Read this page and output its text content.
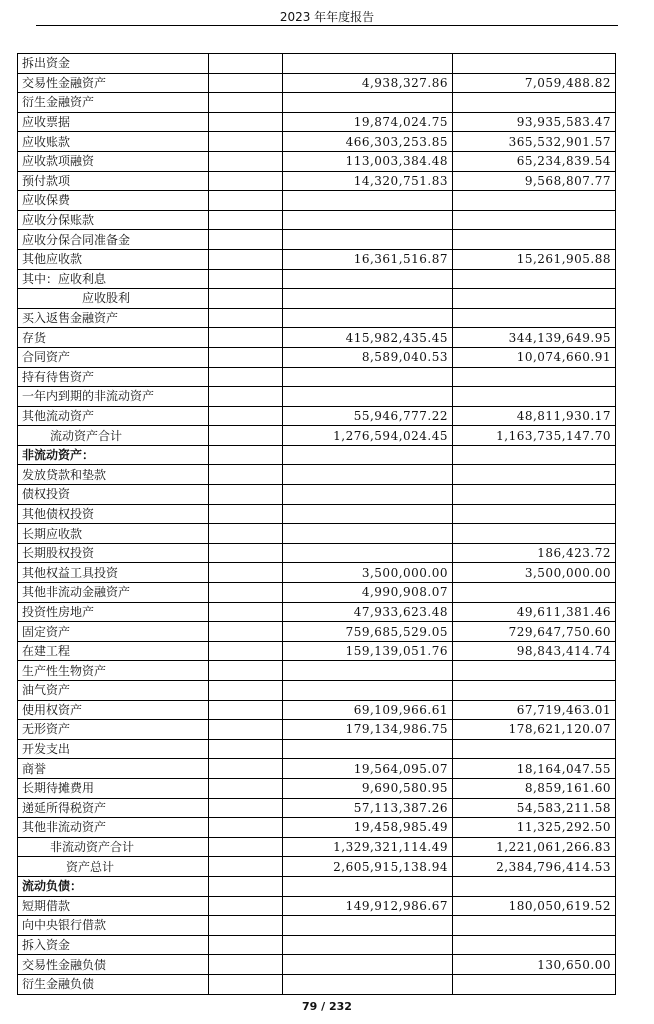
2023 年年度报告
拆出资金			
交易性金融资产		4,938,327.86	7,059,488.82
衍生金融资产			
应收票据		19,874,024.75	93,935,583.47
应收账款		466,303,253.85	365,532,901.57
应收款项融资		113,003,384.48	65,234,839.54
预付款项		14,320,751.83	9,568,807.77
应收保费			
应收分保账款			
应收分保合同准备金			
其他应收款		16,361,516.87	15,261,905.88
其中：应收利息			
应收股利			
买入返售金融资产			
存货		415,982,435.45	344,139,649.95
合同资产		8,589,040.53	10,074,660.91
持有待售资产			
一年内到期的非流动资产			
其他流动资产		55,946,777.22	48,811,930.17
流动资产合计		1,276,594,024.45	1,163,735,147.70
非流动资产：			
发放贷款和垫款			
债权投资			
其他债权投资			
长期应收款			
长期股权投资			186,423.72
其他权益工具投资		3,500,000.00	3,500,000.00
其他非流动金融资产		4,990,908.07	
投资性房地产		47,933,623.48	49,611,381.46
固定资产		759,685,529.05	729,647,750.60
在建工程		159,139,051.76	98,843,414.74
生产性生物资产			
油气资产			
使用权资产		69,109,966.61	67,719,463.01
无形资产		179,134,986.75	178,621,120.07
开发支出			
商誉		19,564,095.07	18,164,047.55
长期待摊费用		9,690,580.95	8,859,161.60
递延所得税资产		57,113,387.26	54,583,211.58
其他非流动资产		19,458,985.49	11,325,292.50
非流动资产合计		1,329,321,114.49	1,221,061,266.83
资产总计		2,605,915,138.94	2,384,796,414.53
流动负债：			
短期借款		149,912,986.67	180,050,619.52
向中央银行借款			
拆入资金			
交易性金融负债			130,650.00
衍生金融负债			
79 / 232
